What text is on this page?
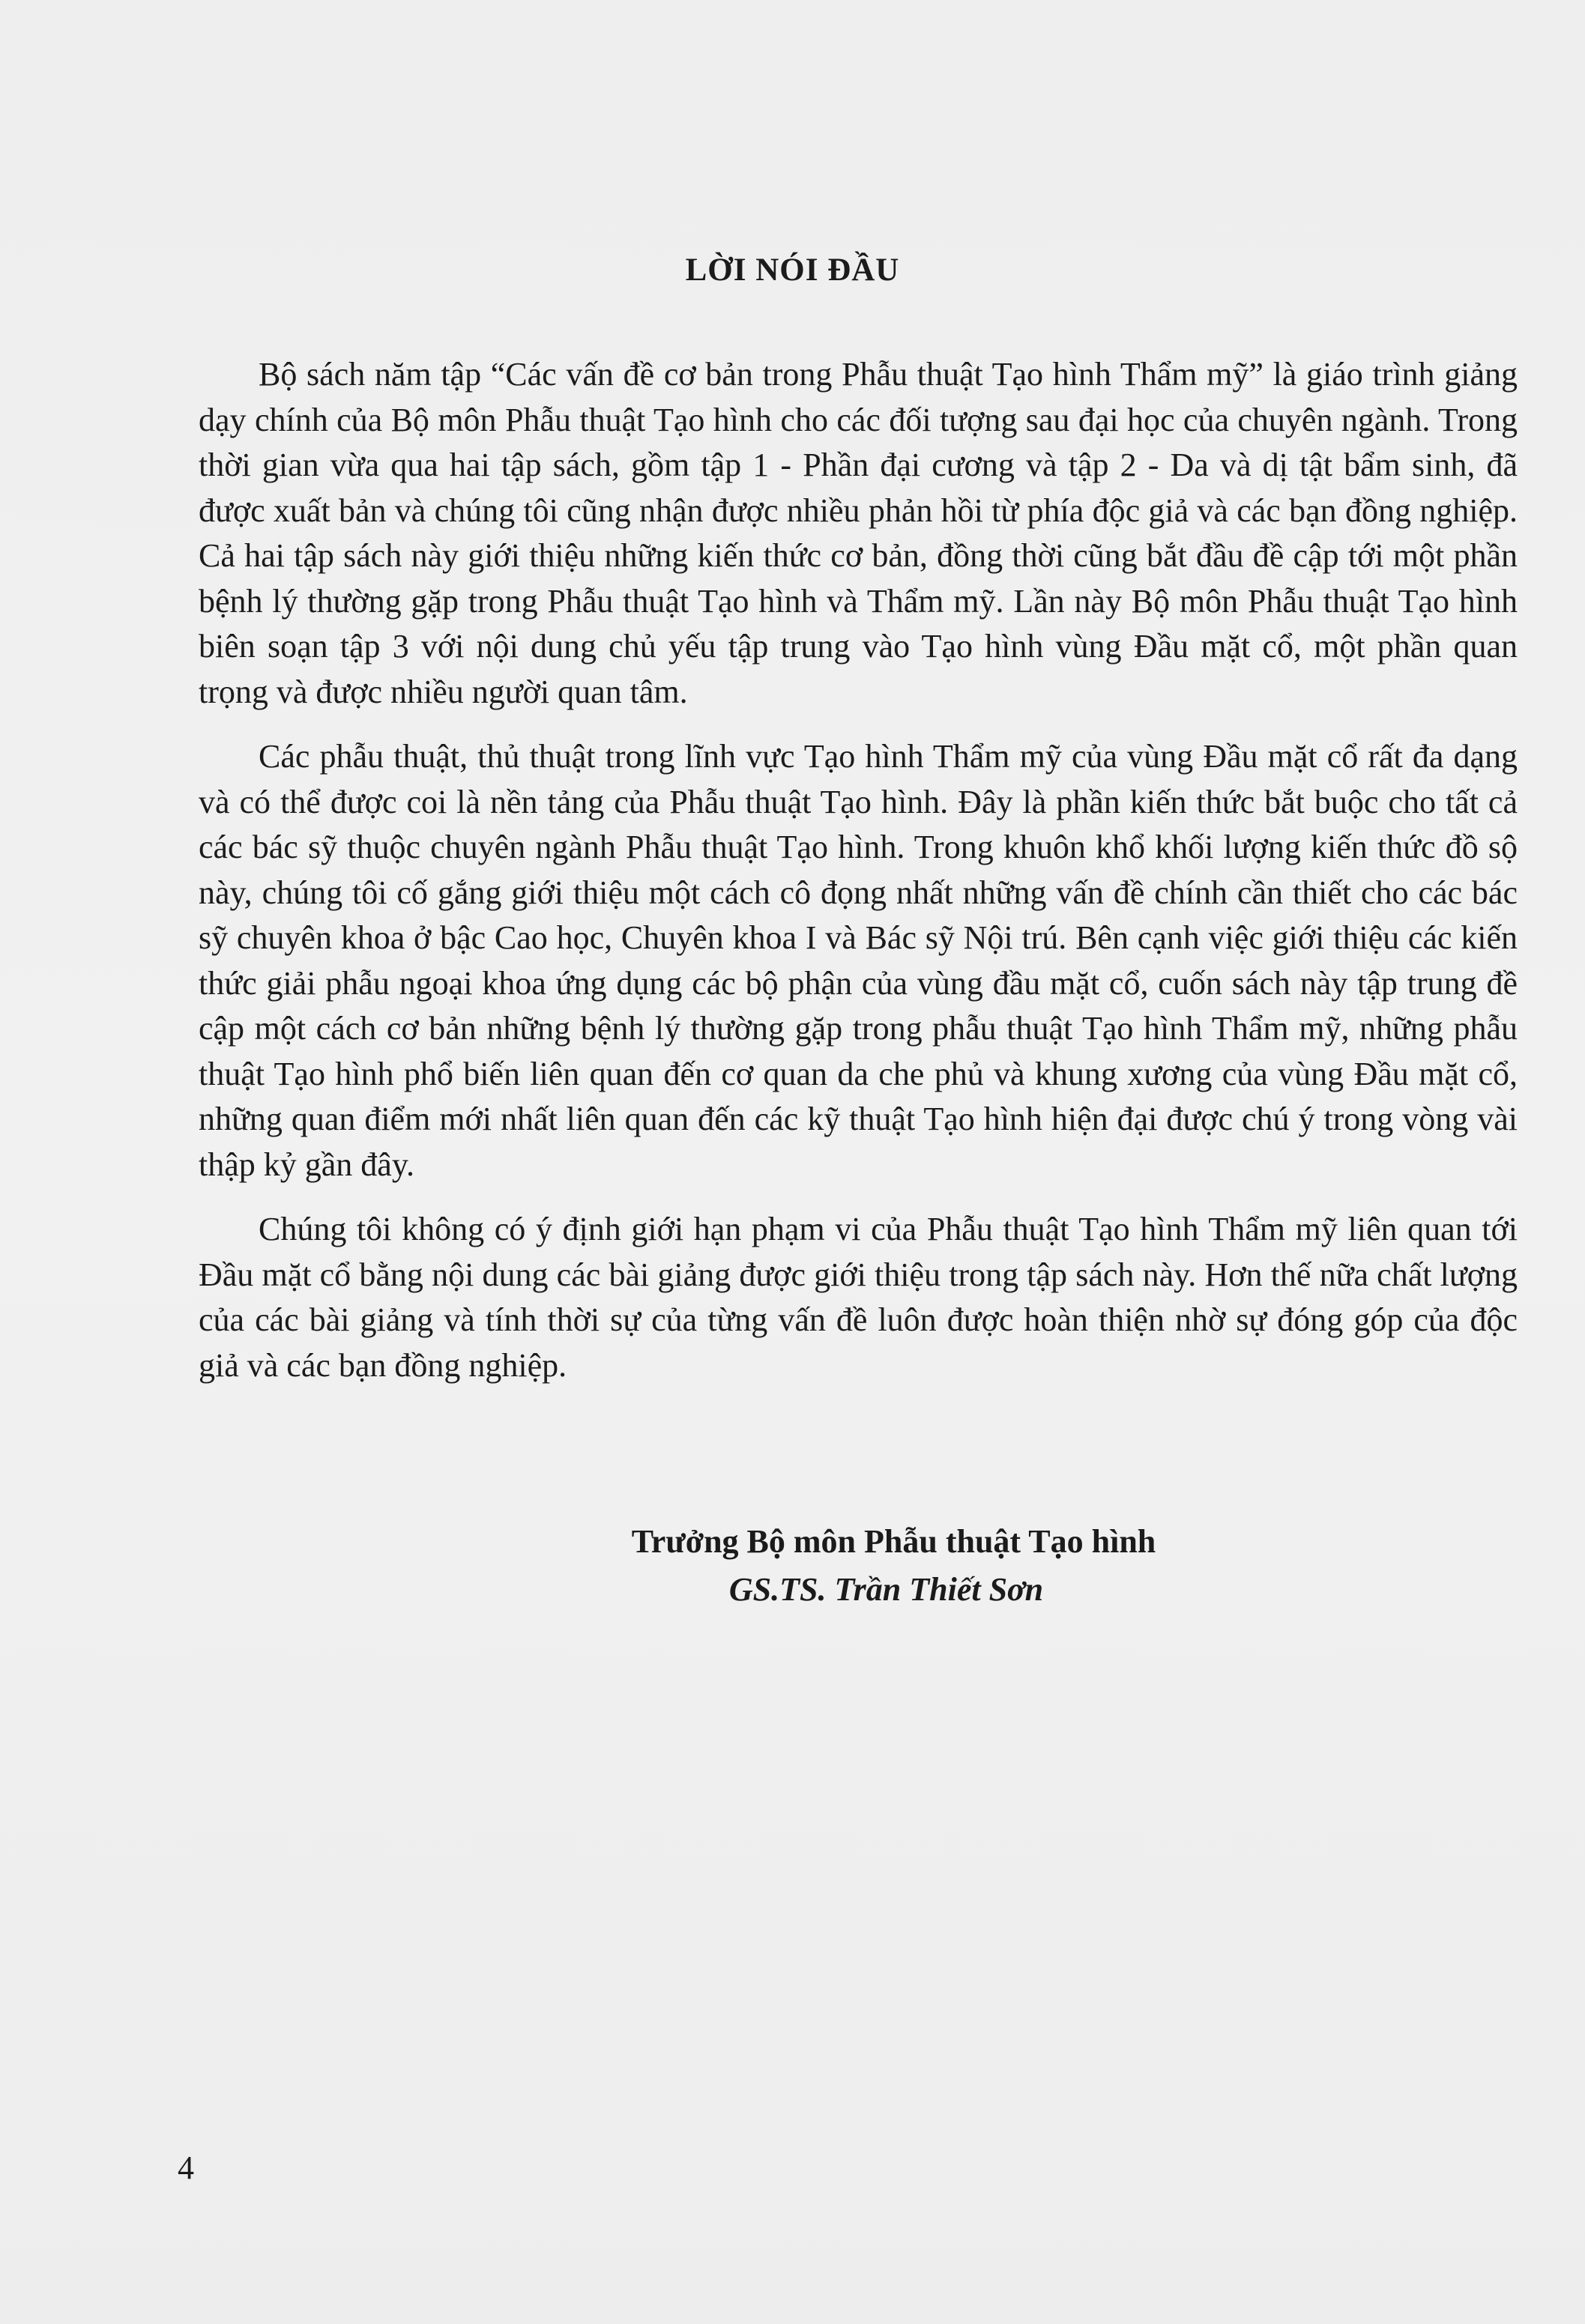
LỜI NÓI ĐẦU

Bộ sách năm tập “Các vấn đề cơ bản trong Phẫu thuật Tạo hình Thẩm mỹ” là giáo trình giảng dạy chính của Bộ môn Phẫu thuật Tạo hình cho các đối tượng sau đại học của chuyên ngành. Trong thời gian vừa qua hai tập sách, gồm tập 1 - Phần đại cương và tập 2 - Da và dị tật bẩm sinh, đã được xuất bản và chúng tôi cũng nhận được nhiều phản hồi từ phía độc giả và các bạn đồng nghiệp. Cả hai tập sách này giới thiệu những kiến thức cơ bản, đồng thời cũng bắt đầu đề cập tới một phần bệnh lý thường gặp trong Phẫu thuật Tạo hình và Thẩm mỹ. Lần này Bộ môn Phẫu thuật Tạo hình biên soạn tập 3 với nội dung chủ yếu tập trung vào Tạo hình vùng Đầu mặt cổ, một phần quan trọng và được nhiều người quan tâm.

Các phẫu thuật, thủ thuật trong lĩnh vực Tạo hình Thẩm mỹ của vùng Đầu mặt cổ rất đa dạng và có thể được coi là nền tảng của Phẫu thuật Tạo hình. Đây là phần kiến thức bắt buộc cho tất cả các bác sỹ thuộc chuyên ngành Phẫu thuật Tạo hình. Trong khuôn khổ khối lượng kiến thức đồ sộ này, chúng tôi cố gắng giới thiệu một cách cô đọng nhất những vấn đề chính cần thiết cho các bác sỹ chuyên khoa ở bậc Cao học, Chuyên khoa I và Bác sỹ Nội trú. Bên cạnh việc giới thiệu các kiến thức giải phẫu ngoại khoa ứng dụng các bộ phận của vùng đầu mặt cổ, cuốn sách này tập trung đề cập một cách cơ bản những bệnh lý thường gặp trong phẫu thuật Tạo hình Thẩm mỹ, những phẫu thuật Tạo hình phổ biến liên quan đến cơ quan da che phủ và khung xương của vùng Đầu mặt cổ, những quan điểm mới nhất liên quan đến các kỹ thuật Tạo hình hiện đại được chú ý trong vòng vài thập kỷ gần đây.

Chúng tôi không có ý định giới hạn phạm vi của Phẫu thuật Tạo hình Thẩm mỹ liên quan tới Đầu mặt cổ bằng nội dung các bài giảng được giới thiệu trong tập sách này. Hơn thế nữa chất lượng của các bài giảng và tính thời sự của từng vấn đề luôn được hoàn thiện nhờ sự đóng góp của độc giả và các bạn đồng nghiệp.

Trưởng Bộ môn Phẫu thuật Tạo hình
GS.TS. Trần Thiết Sơn
4
